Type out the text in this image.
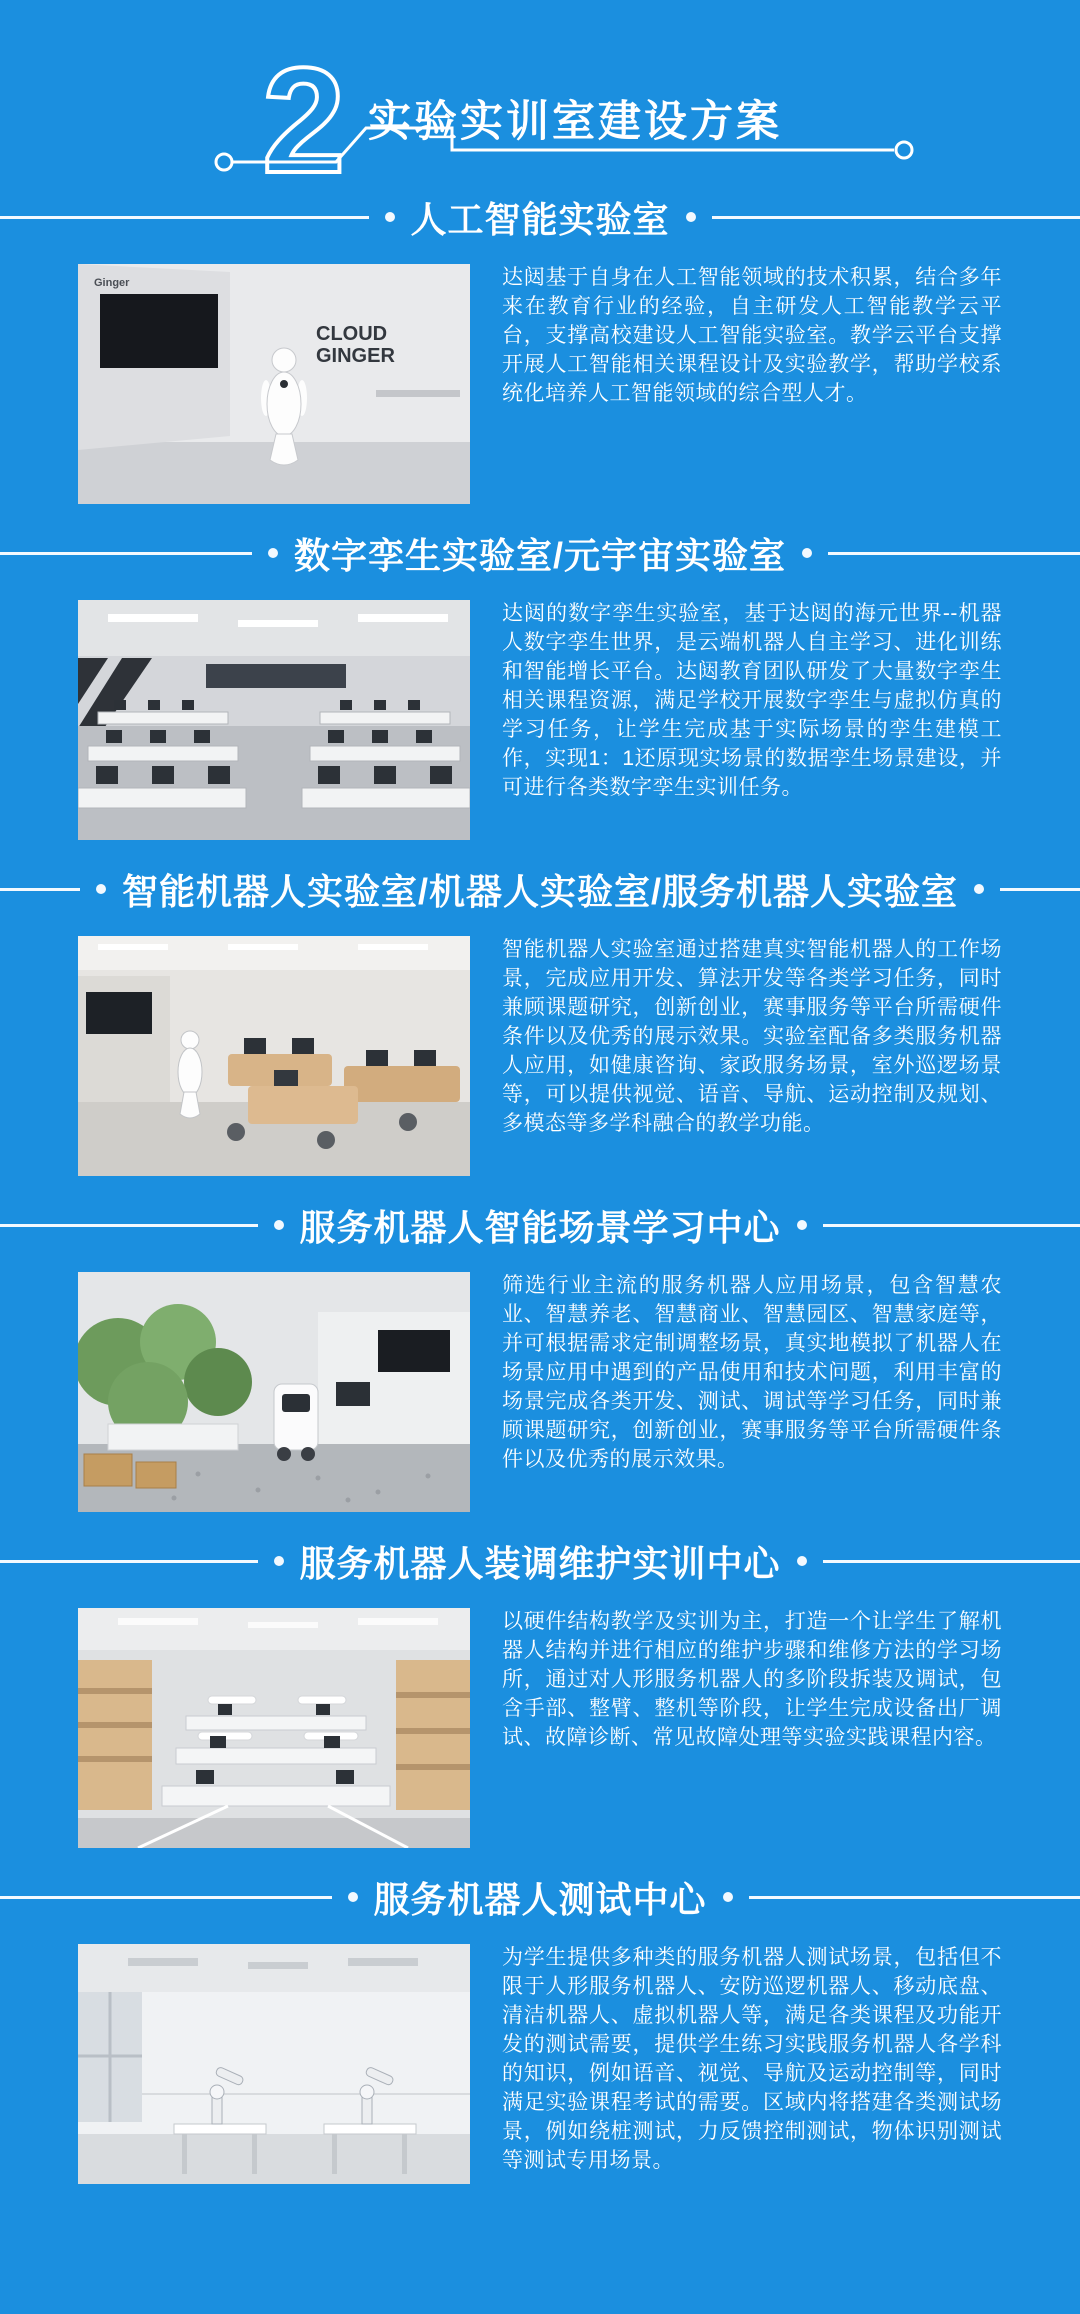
2 实验实训室建设方案
人工智能实验室
Ginger
CLOUD
GINGER
达闼基于自身在人工智能领域的技术积累，结合多年来在教育行业的经验，自主研发人工智能教学云平台，支撑高校建设人工智能实验室。教学云平台支撑开展人工智能相关课程设计及实验教学，帮助学校系统化培养人工智能领域的综合型人才。
数字孪生实验室/元宇宙实验室
达闼的数字孪生实验室，基于达闼的海元世界--机器人数字孪生世界，是云端机器人自主学习、进化训练和智能增长平台。达闼教育团队研发了大量数字孪生相关课程资源，满足学校开展数字孪生与虚拟仿真的学习任务，让学生完成基于实际场景的孪生建模工作，实现1：1还原现实场景的数据孪生场景建设，并可进行各类数字孪生实训任务。
智能机器人实验室/机器人实验室/服务机器人实验室
智能机器人实验室通过搭建真实智能机器人的工作场景，完成应用开发、算法开发等各类学习任务，同时兼顾课题研究，创新创业，赛事服务等平台所需硬件条件以及优秀的展示效果。实验室配备多类服务机器人应用，如健康咨询、家政服务场景，室外巡逻场景等，可以提供视觉、语音、导航、运动控制及规划、多模态等多学科融合的教学功能。
服务机器人智能场景学习中心
筛选行业主流的服务机器人应用场景，包含智慧农业、智慧养老、智慧商业、智慧园区、智慧家庭等，并可根据需求定制调整场景，真实地模拟了机器人在场景应用中遇到的产品使用和技术问题，利用丰富的场景完成各类开发、测试、调试等学习任务，同时兼顾课题研究，创新创业，赛事服务等平台所需硬件条件以及优秀的展示效果。
服务机器人装调维护实训中心
以硬件结构教学及实训为主，打造一个让学生了解机器人结构并进行相应的维护步骤和维修方法的学习场所，通过对人形服务机器人的多阶段拆装及调试，包含手部、整臂、整机等阶段，让学生完成设备出厂调试、故障诊断、常见故障处理等实验实践课程内容。
服务机器人测试中心
为学生提供多种类的服务机器人测试场景，包括但不限于人形服务机器人、安防巡逻机器人、移动底盘、清洁机器人、虚拟机器人等，满足各类课程及功能开发的测试需要，提供学生练习实践服务机器人各学科的知识，例如语音、视觉、导航及运动控制等，同时满足实验课程考试的需要。区域内将搭建各类测试场景，例如绕桩测试，力反馈控制测试，物体识别测试等测试专用场景。
